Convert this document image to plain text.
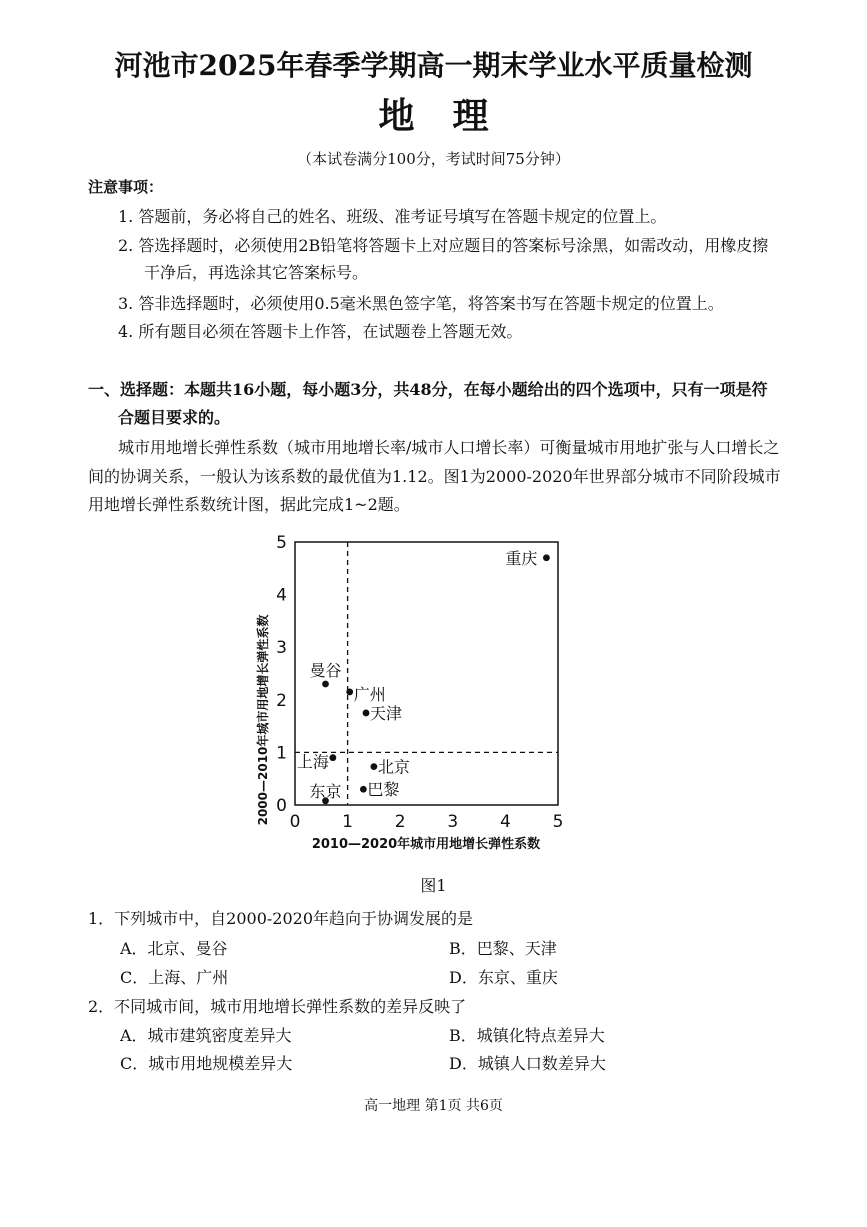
河池市2025年春季学期高一期末学业水平质量检测
地理
（本试卷满分100分，考试时间75分钟）
注意事项：
1. 答题前，务必将自己的姓名、班级、准考证号填写在答题卡规定的位置上。
2. 答选择题时，必须使用2B铅笔将答题卡上对应题目的答案标号涂黑，如需改动，用橡皮擦
干净后，再选涂其它答案标号。
3. 答非选择题时，必须使用0.5毫米黑色签字笔，将答案书写在答题卡规定的位置上。
4. 所有题目必须在答题卡上作答，在试题卷上答题无效。
一、选择题：本题共16小题，每小题3分，共48分，在每小题给出的四个选项中，只有一项是符
合题目要求的。
城市用地增长弹性系数（城市用地增长率/城市人口增长率）可衡量城市用地扩张与人口增长之
间的协调关系，一般认为该系数的最优值为1.12。图1为2000-2020年世界部分城市不同阶段城市
用地增长弹性系数统计图，据此完成1~2题。
2000—2010年城市用地增长弹性系数
2010—2020年城市用地增长弹性系数
0
1
2
3
4
5
0 1 2 3 4 5
重庆
曼谷
广州
天津
上海	北京
巴黎
东京
图1
1．下列城市中，自2000-2020年趋向于协调发展的是
A．北京、曼谷	B．巴黎、天津
C．上海、广州	D．东京、重庆
2．不同城市间，城市用地增长弹性系数的差异反映了
A．城市建筑密度差异大	B．城镇化特点差异大
C．城市用地规模差异大	D．城镇人口数差异大
高一地理 第1页 共6页
